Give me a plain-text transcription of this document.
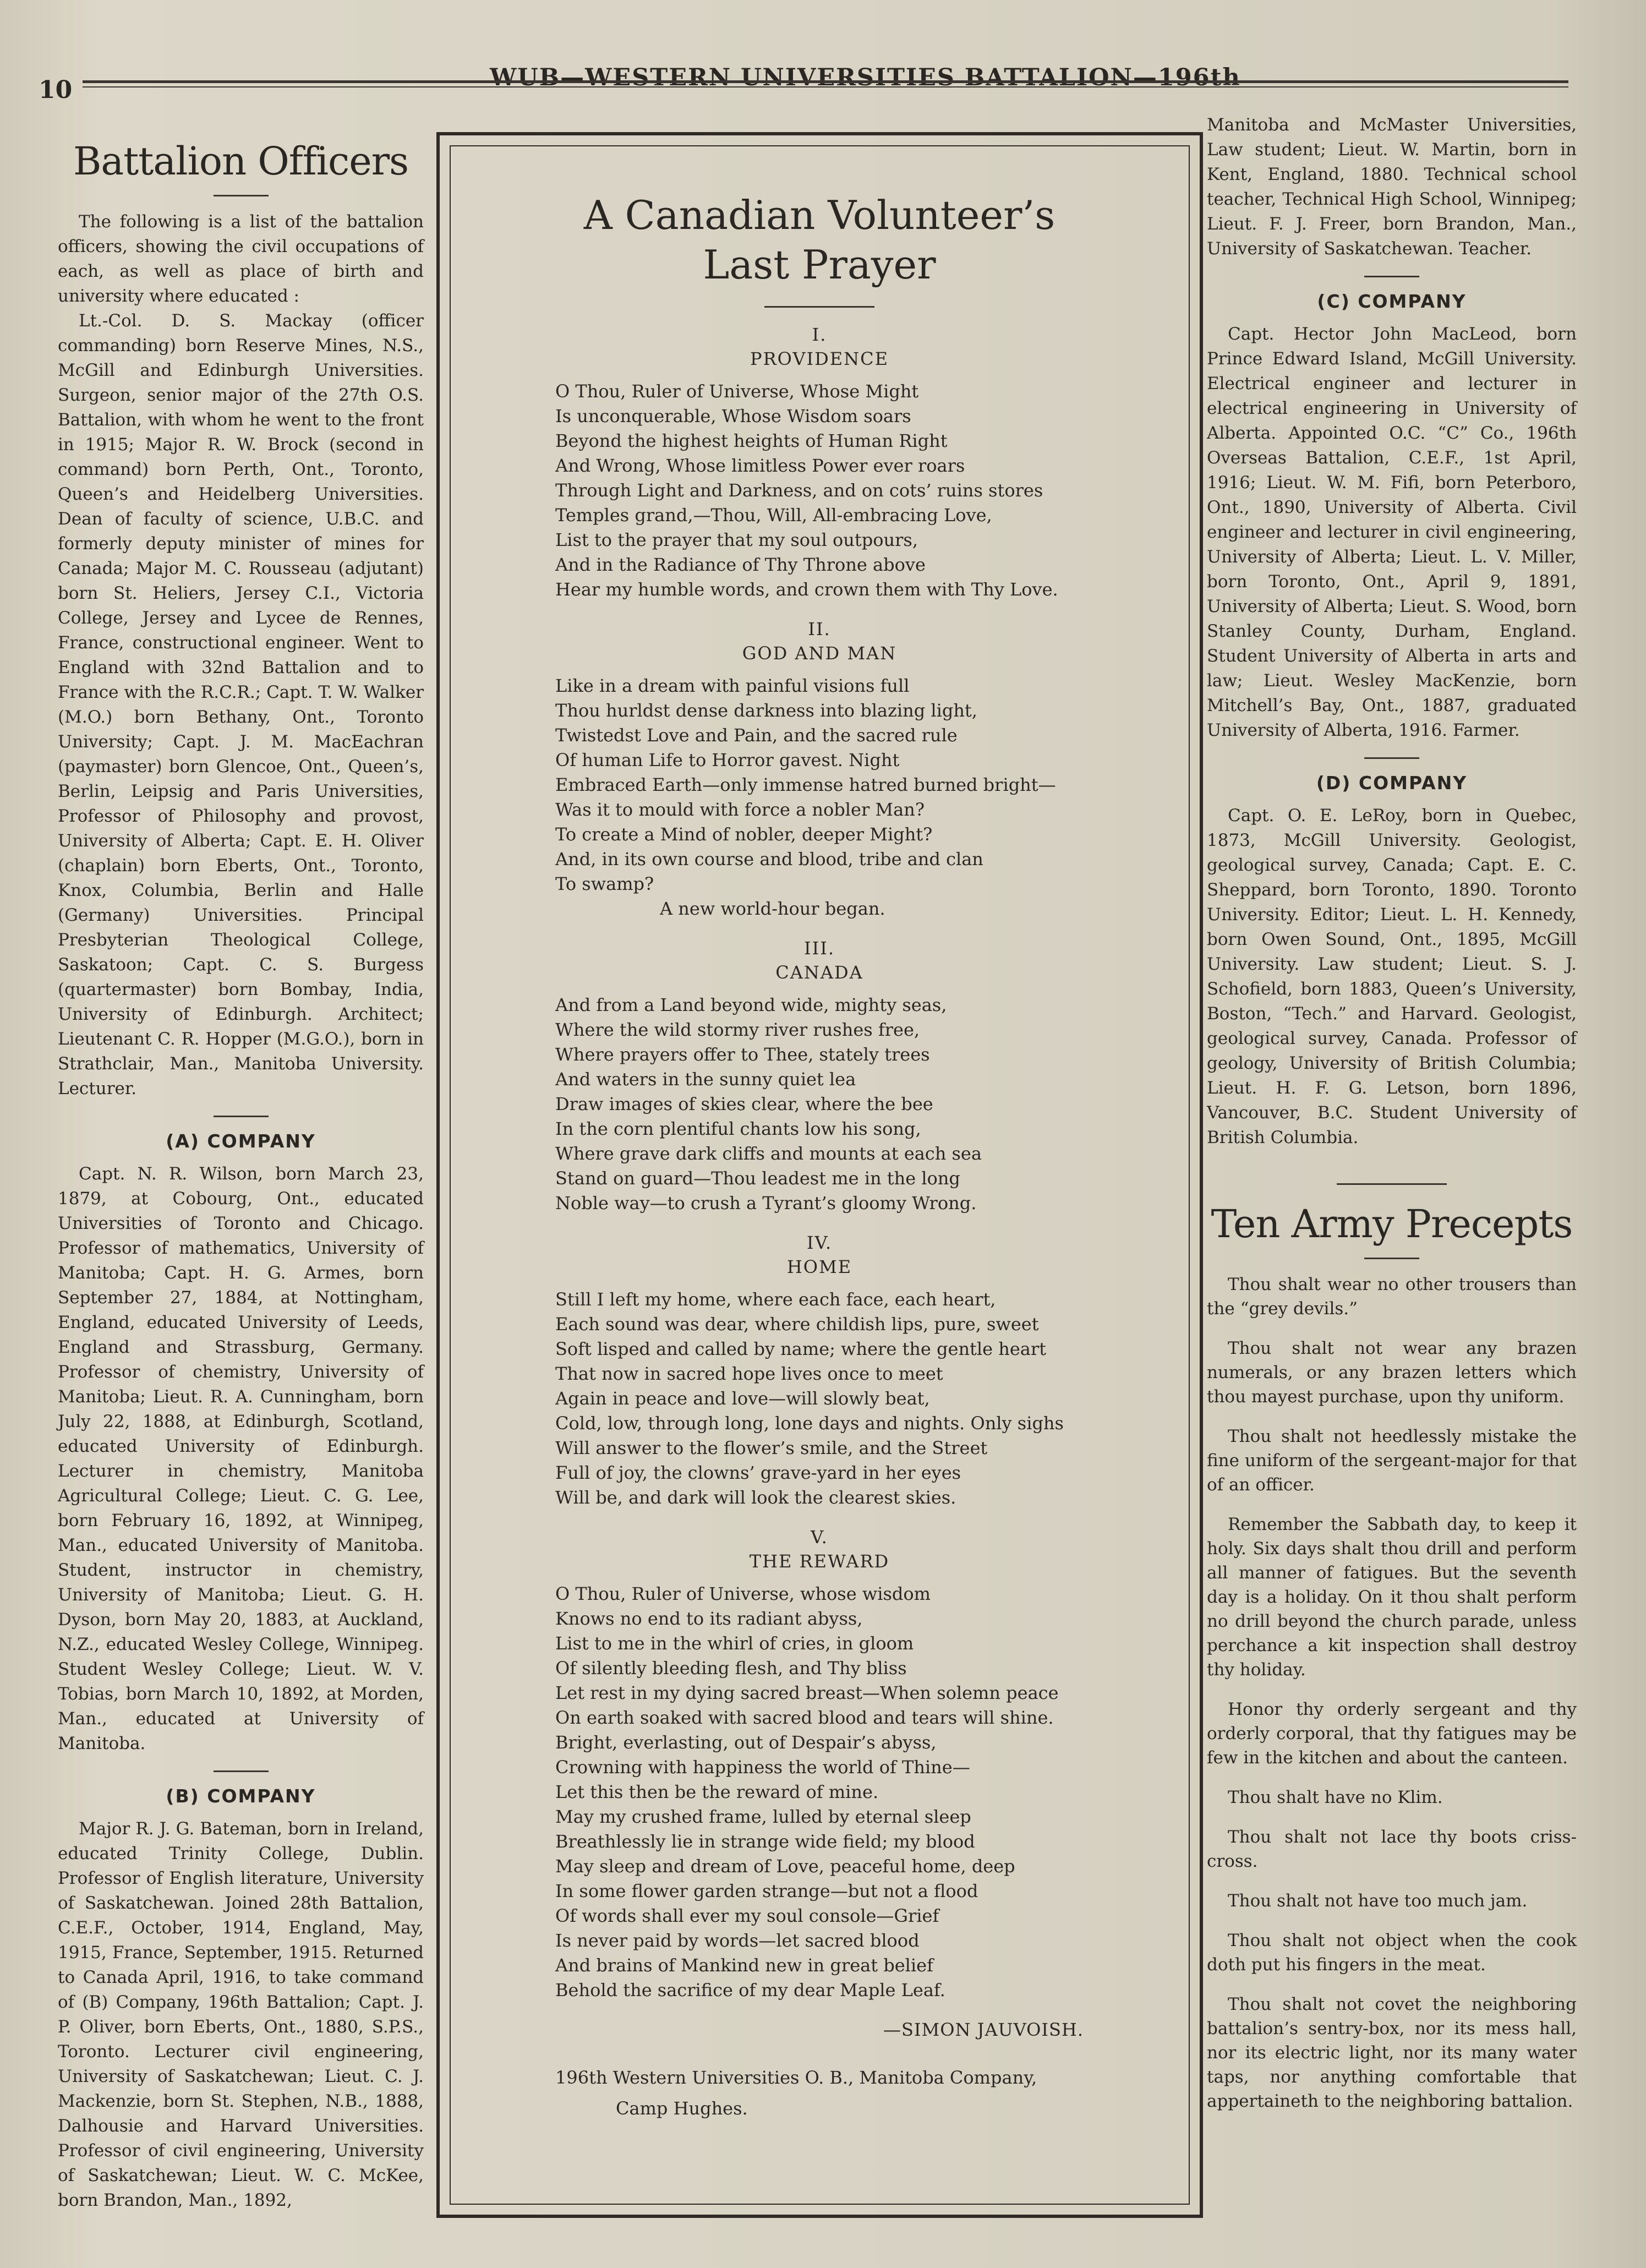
10	WUB—WESTERN UNIVERSITIES BATTALION—196th
Battalion Officers

The following is a list of the battalion officers, showing the civil occupations of each, as well as place of birth and university where educated :

Lt.-Col. D. S. Mackay (officer commanding) born Reserve Mines, N.S., McGill and Edinburgh Universities. Surgeon, senior major of the 27th O.S. Battalion, with whom he went to the front in 1915; Major R. W. Brock (second in command) born Perth, Ont., Toronto, Queen’s and Heidelberg Universities. Dean of faculty of science, U.B.C. and formerly deputy minister of mines for Canada; Major M. C. Rousseau (adjutant) born St. Heliers, Jersey C.I., Victoria College, Jersey and Lycee de Rennes, France, constructional engineer. Went to England with 32nd Battalion and to France with the R.C.R.; Capt. T. W. Walker (M.O.) born Bethany, Ont., Toronto University; Capt. J. M. MacEachran (paymaster) born Glencoe, Ont., Queen’s, Berlin, Leipsig and Paris Universities, Professor of Philosophy and provost, University of Alberta; Capt. E. H. Oliver (chaplain) born Eberts, Ont., Toronto, Knox, Columbia, Berlin and Halle (Germany) Universities. Principal Presbyterian Theological College, Saskatoon; Capt. C. S. Burgess (quartermaster) born Bombay, India, University of Edinburgh. Architect; Lieutenant C. R. Hopper (M.G.O.), born in Strathclair, Man., Manitoba University. Lecturer.

(A) COMPANY

Capt. N. R. Wilson, born March 23, 1879, at Cobourg, Ont., educated Universities of Toronto and Chicago. Professor of mathematics, University of Manitoba; Capt. H. G. Armes, born September 27, 1884, at Nottingham, England, educated University of Leeds, England and Strassburg, Germany. Professor of chemistry, University of Manitoba; Lieut. R. A. Cunningham, born July 22, 1888, at Edinburgh, Scotland, educated University of Edinburgh. Lecturer in chemistry, Manitoba Agricultural College; Lieut. C. G. Lee, born February 16, 1892, at Winnipeg, Man., educated University of Manitoba. Student, instructor in chemistry, University of Manitoba; Lieut. G. H. Dyson, born May 20, 1883, at Auckland, N.Z., educated Wesley College, Winnipeg. Student Wesley College; Lieut. W. V. Tobias, born March 10, 1892, at Morden, Man., educated at University of Manitoba.

(B) COMPANY

Major R. J. G. Bateman, born in Ireland, educated Trinity College, Dublin. Professor of English literature, University of Saskatchewan. Joined 28th Battalion, C.E.F., October, 1914, England, May, 1915, France, September, 1915. Returned to Canada April, 1916, to take command of (B) Company, 196th Battalion; Capt. J. P. Oliver, born Eberts, Ont., 1880, S.P.S., Toronto. Lecturer civil engineering, University of Saskatchewan; Lieut. C. J. Mackenzie, born St. Stephen, N.B., 1888, Dalhousie and Harvard Universities. Professor of civil engineering, University of Saskatchewan; Lieut. W. C. McKee, born Brandon, Man., 1892,

A Canadian Volunteer’s Last Prayer
I.
PROVIDENCE
O Thou, Ruler of Universe, Whose Might
Is unconquerable, Whose Wisdom soars
Beyond the highest heights of Human Right
And Wrong, Whose limitless Power ever roars
Through Light and Darkness, and on cots’ ruins stores
Temples grand,—Thou, Will, All-embracing Love,
List to the prayer that my soul outpours,
And in the Radiance of Thy Throne above
Hear my humble words, and crown them with Thy Love.
II.
GOD AND MAN
Like in a dream with painful visions full
Thou hurldst dense darkness into blazing light,
Twistedst Love and Pain, and the sacred rule
Of human Life to Horror gavest. Night
Embraced Earth—only immense hatred burned bright—
Was it to mould with force a nobler Man?
To create a Mind of nobler, deeper Might?
And, in its own course and blood, tribe and clan
To swamp?
A new world-hour began.
III.
CANADA
And from a Land beyond wide, mighty seas,
Where the wild stormy river rushes free,
Where prayers offer to Thee, stately trees
And waters in the sunny quiet lea
Draw images of skies clear, where the bee
In the corn plentiful chants low his song,
Where grave dark cliffs and mounts at each sea
Stand on guard—Thou leadest me in the long
Noble way—to crush a Tyrant’s gloomy Wrong.
IV.
HOME
Still I left my home, where each face, each heart,
Each sound was dear, where childish lips, pure, sweet
Soft lisped and called by name; where the gentle heart
That now in sacred hope lives once to meet
Again in peace and love—will slowly beat,
Cold, low, through long, lone days and nights. Only sighs
Will answer to the flower’s smile, and the Street
Full of joy, the clowns’ grave-yard in her eyes
Will be, and dark will look the clearest skies.
V.
THE REWARD
O Thou, Ruler of Universe, whose wisdom
Knows no end to its radiant abyss,
List to me in the whirl of cries, in gloom
Of silently bleeding flesh, and Thy bliss
Let rest in my dying sacred breast—When solemn peace
On earth soaked with sacred blood and tears will shine.
Bright, everlasting, out of Despair’s abyss,
Crowning with happiness the world of Thine—
Let this then be the reward of mine.
May my crushed frame, lulled by eternal sleep
Breathlessly lie in strange wide field; my blood
May sleep and dream of Love, peaceful home, deep
In some flower garden strange—but not a flood
Of words shall ever my soul console—Grief
Is never paid by words—let sacred blood
And brains of Mankind new in great belief
Behold the sacrifice of my dear Maple Leaf.
—SIMON JAUVOISH.
196th Western Universities O. B., Manitoba Company,
Camp Hughes.

Manitoba and McMaster Universities, Law student; Lieut. W. Martin, born in Kent, England, 1880. Technical school teacher, Technical High School, Winnipeg; Lieut. F. J. Freer, born Brandon, Man., University of Saskatchewan. Teacher.

(C) COMPANY

Capt. Hector John MacLeod, born Prince Edward Island, McGill University. Electrical engineer and lecturer in electrical engineering in University of Alberta. Appointed O.C. “C” Co., 196th Overseas Battalion, C.E.F., 1st April, 1916; Lieut. W. M. Fifi, born Peterboro, Ont., 1890, University of Alberta. Civil engineer and lecturer in civil engineering, University of Alberta; Lieut. L. V. Miller, born Toronto, Ont., April 9, 1891, University of Alberta; Lieut. S. Wood, born Stanley County, Durham, England. Student University of Alberta in arts and law; Lieut. Wesley MacKenzie, born Mitchell’s Bay, Ont., 1887, graduated University of Alberta, 1916. Farmer.

(D) COMPANY

Capt. O. E. LeRoy, born in Quebec, 1873, McGill University. Geologist, geological survey, Canada; Capt. E. C. Sheppard, born Toronto, 1890. Toronto University. Editor; Lieut. L. H. Kennedy, born Owen Sound, Ont., 1895, McGill University. Law student; Lieut. S. J. Schofield, born 1883, Queen’s University, Boston, “Tech.” and Harvard. Geologist, geological survey, Canada. Professor of geology, University of British Columbia; Lieut. H. F. G. Letson, born 1896, Vancouver, B.C. Student University of British Columbia.

Ten Army Precepts

Thou shalt wear no other trousers than the “grey devils.”

Thou shalt not wear any brazen numerals, or any brazen letters which thou mayest purchase, upon thy uniform.

Thou shalt not heedlessly mistake the fine uniform of the sergeant-major for that of an officer.

Remember the Sabbath day, to keep it holy. Six days shalt thou drill and perform all manner of fatigues. But the seventh day is a holiday. On it thou shalt perform no drill beyond the church parade, unless perchance a kit inspection shall destroy thy holiday.

Honor thy orderly sergeant and thy orderly corporal, that thy fatigues may be few in the kitchen and about the canteen.

Thou shalt have no Klim.

Thou shalt not lace thy boots criss-cross.

Thou shalt not have too much jam.

Thou shalt not object when the cook doth put his fingers in the meat.

Thou shalt not covet the neighboring battalion’s sentry-box, nor its mess hall, nor its electric light, nor its many water taps, nor anything comfortable that appertaineth to the neighboring battalion.
